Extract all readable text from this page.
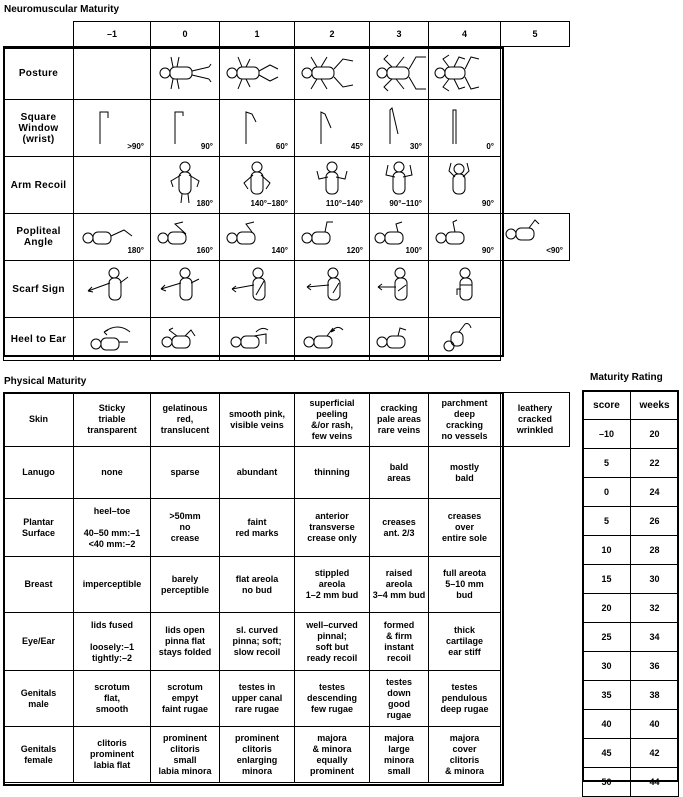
Neuromuscular Maturity
	–1	0	1	2	3	4	5
Posture		

Square
Window
(wrist)	>90°	90°	60°	45°	30°	0°	

Arm Recoil		180°	140°–180°	110°–140°	90°–110°	90°	

Popliteal
Angle	180°	160°	140°	120°	100°	90°	<90°

Scarf Sign	

Heel to Ear	

Physical Maturity
Skin	Sticky
triable
transparent	gelatinous
red,
translucent	smooth pink,
visible veins	superficial
peeling
&/or rash,
few veins	cracking
pale areas
rare veins	parchment
deep
cracking
no vessels	leathery
cracked
wrinkled
Lanugo	none	sparse	abundant	thinning	bald
areas	mostly
bald	
Plantar
Surface	heel–toe

40–50 mm:–1
<40 mm:–2	>50mm
no
crease	faint
red marks	anterior
transverse
crease only	creases
ant. 2/3	creases
over
entire sole	
Breast	imperceptible	barely
perceptible	flat areola
no bud	stippled
areola
1–2 mm bud	raised
areola
3–4 mm bud	full areota
5–10 mm
bud	
Eye/Ear	lids fused

loosely:–1
tightly:–2	lids open
pinna flat
stays folded	sl. curved
pinna; soft;
slow recoil	well–curved
pinnal;
soft but
ready recoil	formed
& firm
instant
recoil	thick
cartilage
ear stiff	
Genitals
male	scrotum
flat,
smooth	scrotum
empyt
faint rugae	testes in
upper canal
rare rugae	testes
descending
few rugae	testes
down
good
rugae	testes
pendulous
deep rugae	
Genitals
female	clitoris
prominent
labia flat	prominent
clitoris
small
labia minora	prominent
clitoris
enlarging
minora	majora
& minora
equally
prominent	majora
large
minora
small	majora
cover
clitoris
& minora	
Maturity Rating
score	weeks
–10	20
5	22
0	24
5	26
10	28
15	30
20	32
25	34
30	36
35	38
40	40
45	42
50	44
